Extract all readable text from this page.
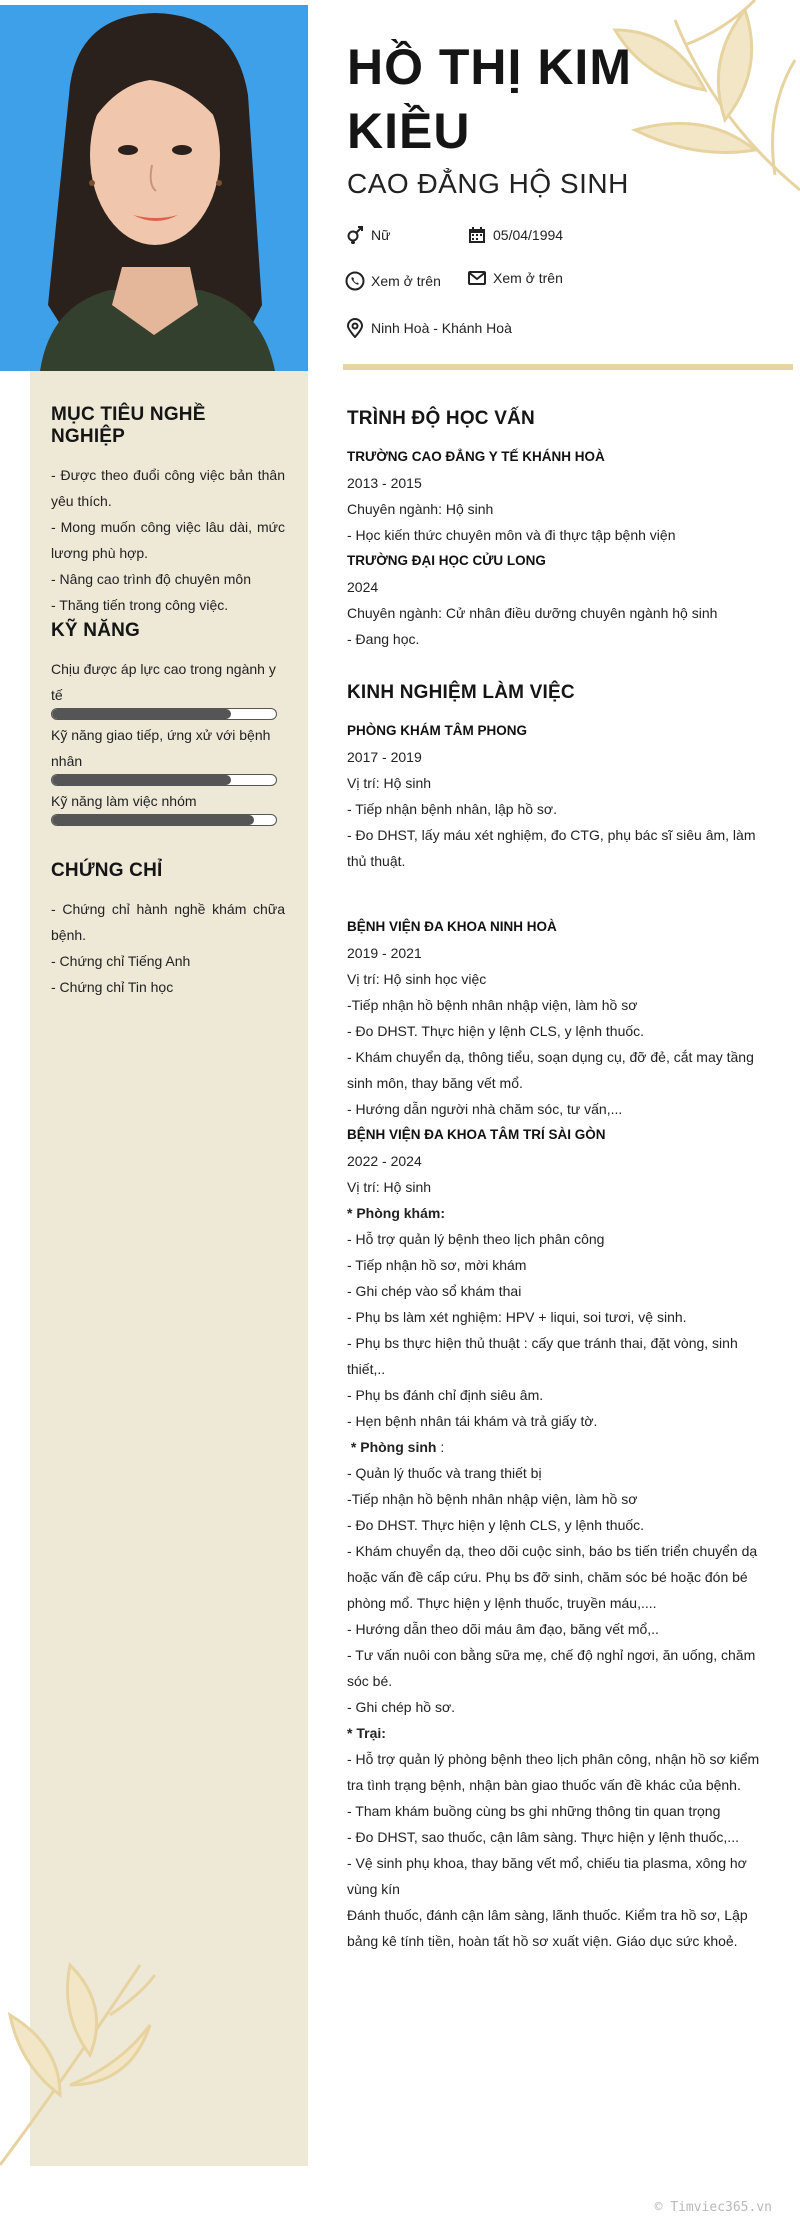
HỒ THỊ KIM KIỀU
CAO ĐẲNG HỘ SINH
Nữ	05/04/1994
Xem ở trên	Xem ở trên
Ninh Hoà - Khánh Hoà
MỤC TIÊU NGHỀ NGHIỆP
- Được theo đuổi công việc bản thân yêu thích.
- Mong muốn công việc lâu dài, mức lương phù hợp.
- Nâng cao trình độ chuyên môn
- Thăng tiến trong công việc.
KỸ NĂNG
Chịu được áp lực cao trong ngành y tế
Kỹ năng giao tiếp, ứng xử với bệnh nhân
Kỹ năng làm việc nhóm
CHỨNG CHỈ
- Chứng chỉ hành nghề khám chữa bệnh.
- Chứng chỉ Tiếng Anh
- Chứng chỉ Tin học
TRÌNH ĐỘ HỌC VẤN
TRƯỜNG CAO ĐẲNG Y TẾ KHÁNH HOÀ
2013 - 2015
Chuyên ngành: Hộ sinh
- Học kiến thức chuyên môn và đi thực tập bệnh viện
TRƯỜNG ĐẠI HỌC CỬU LONG
2024
Chuyên ngành: Cử nhân điều dưỡng chuyên ngành hộ sinh
- Đang học.
KINH NGHIỆM LÀM VIỆC
PHÒNG KHÁM TÂM PHONG
2017 - 2019
Vị trí: Hộ sinh
- Tiếp nhận bệnh nhân, lập hồ sơ.
- Đo DHST, lấy máu xét nghiệm, đo CTG, phụ bác sĩ siêu âm, làm thủ thuật.
BỆNH VIỆN ĐA KHOA NINH HOÀ
2019 - 2021
Vị trí: Hộ sinh học việc
-Tiếp nhận hồ bệnh nhân nhập viện, làm hồ sơ
- Đo DHST. Thực hiện y lệnh CLS, y lệnh thuốc.
- Khám chuyển dạ, thông tiểu, soạn dụng cụ, đỡ đẻ, cắt may tầng sinh môn, thay băng vết mổ.
- Hướng dẫn người nhà chăm sóc, tư vấn,...
BỆNH VIỆN ĐA KHOA TÂM TRÍ SÀI GÒN
2022 - 2024
Vị trí: Hộ sinh
* Phòng khám:
- Hỗ trợ quản lý bệnh theo lịch phân công
- Tiếp nhận hồ sơ, mời khám
- Ghi chép vào sổ khám thai
- Phụ bs làm xét nghiệm: HPV + liqui, soi tươi, vệ sinh.
- Phụ bs thực hiện thủ thuật : cấy que tránh thai, đặt vòng, sinh thiết,..
- Phụ bs đánh chỉ định siêu âm.
- Hẹn bệnh nhân tái khám và trả giấy tờ.
* Phòng sinh :
- Quản lý thuốc và trang thiết bị
-Tiếp nhận hồ bệnh nhân nhập viện, làm hồ sơ
- Đo DHST. Thực hiện y lệnh CLS, y lệnh thuốc.
- Khám chuyển dạ, theo dõi cuộc sinh, báo bs tiến triển chuyển dạ hoặc vấn đề cấp cứu. Phụ bs đỡ sinh, chăm sóc bé hoặc đón bé phòng mổ. Thực hiện y lệnh thuốc, truyền máu,....
- Hướng dẫn theo dõi máu âm đạo, băng vết mổ,..
- Tư vấn nuôi con bằng sữa mẹ, chế độ nghỉ ngơi, ăn uống, chăm sóc bé.
- Ghi chép hồ sơ.
* Trại:
- Hỗ trợ quản lý phòng bệnh theo lịch phân công, nhận hồ sơ kiểm tra tình trạng bệnh, nhận bàn giao thuốc vấn đề khác của bệnh.
- Tham khám buồng cùng bs ghi những thông tin quan trọng
- Đo DHST, sao thuốc, cận lâm sàng. Thực hiện y lệnh thuốc,...
- Vệ sinh phụ khoa, thay băng vết mổ, chiếu tia plasma, xông hơ vùng kín
Đánh thuốc, đánh cận lâm sàng, lãnh thuốc. Kiểm tra hồ sơ, Lập bảng kê tính tiền, hoàn tất hồ sơ xuất viện. Giáo dục sức khoẻ.
© Timviec365.vn
